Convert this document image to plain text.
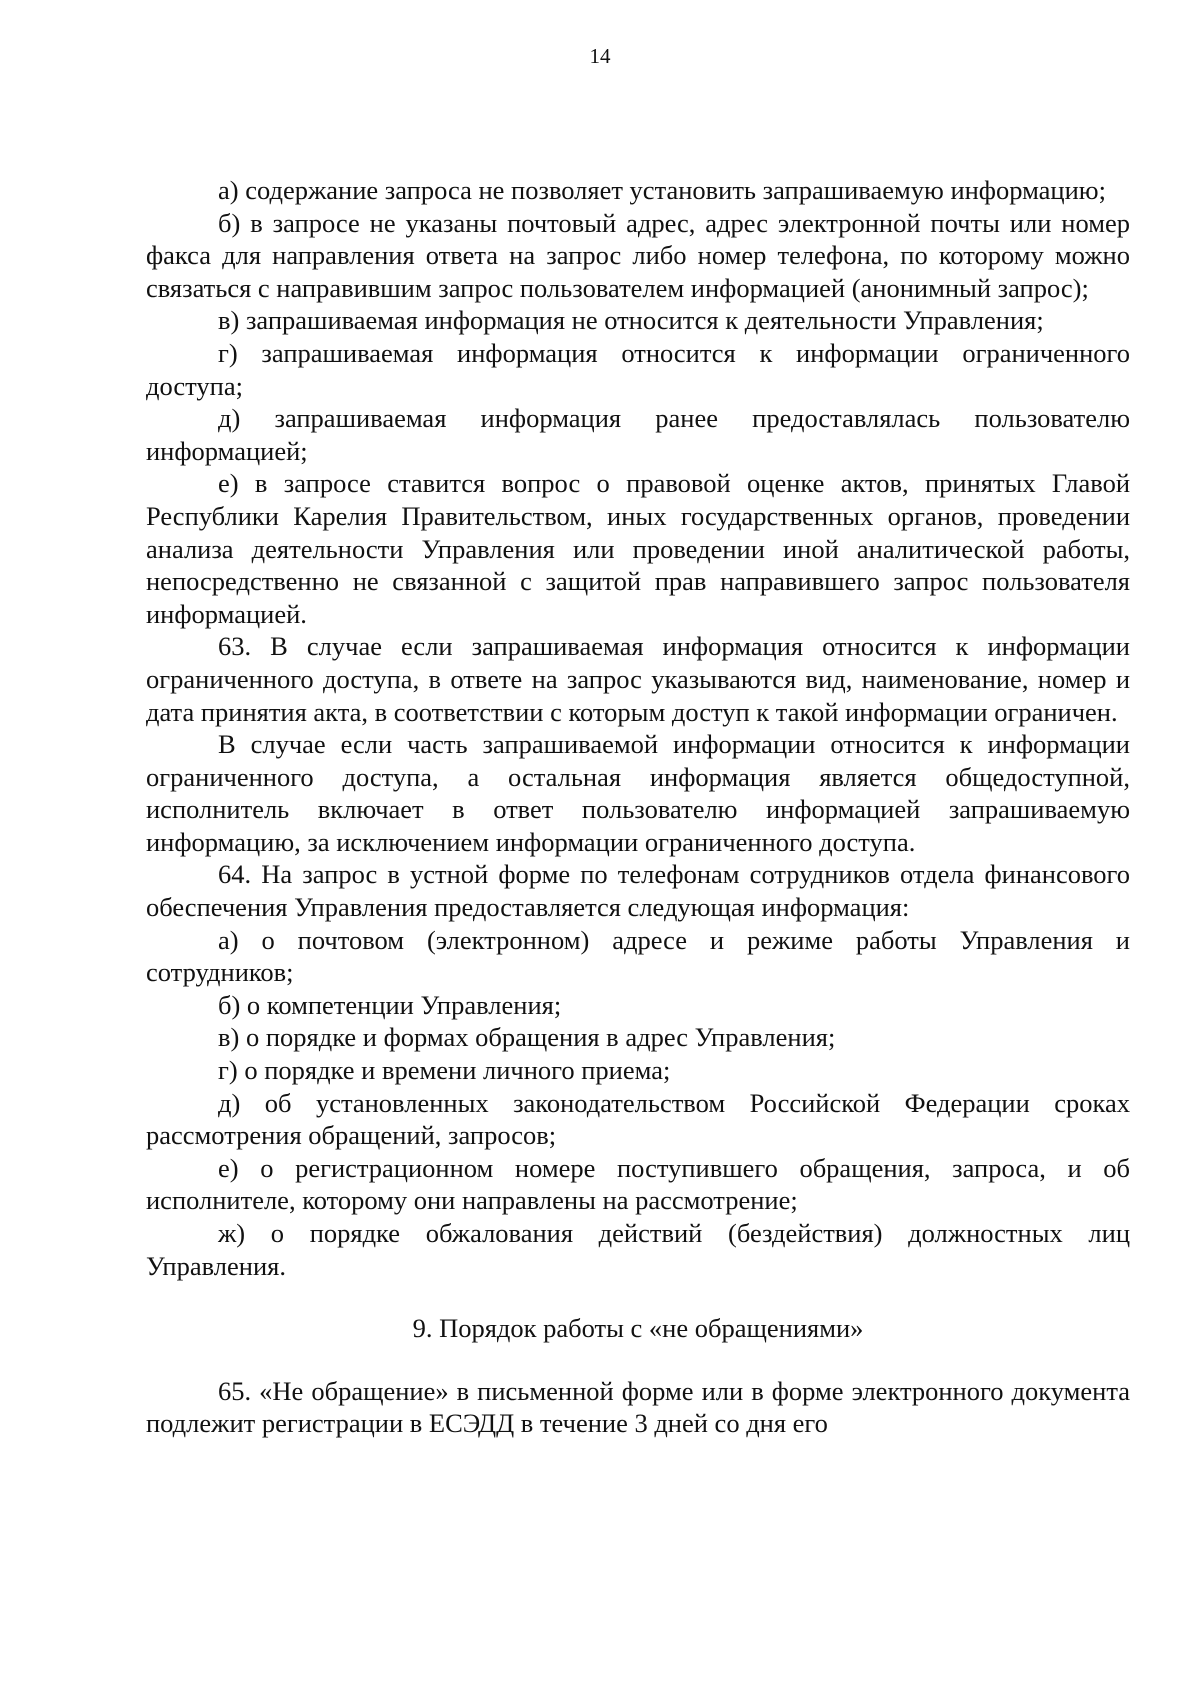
14

а) содержание запроса не позволяет установить запрашиваемую информацию;

б) в запросе не указаны почтовый адрес, адрес электронной почты или номер факса для направления ответа на запрос либо номер телефона, по которому можно связаться с направившим запрос пользователем информацией (анонимный запрос);

в) запрашиваемая информация не относится к деятельности Управления;

г) запрашиваемая информация относится к информации ограниченного доступа;

д) запрашиваемая информация ранее предоставлялась пользователю информацией;

е) в запросе ставится вопрос о правовой оценке актов, принятых Главой Республики Карелия Правительством, иных государственных органов, проведении анализа деятельности Управления или проведении иной аналитической работы, непосредственно не связанной с защитой прав направившего запрос пользователя информацией.

63. В случае если запрашиваемая информация относится к информации ограниченного доступа, в ответе на запрос указываются вид, наименование, номер и дата принятия акта, в соответствии с которым доступ к такой информации ограничен.

В случае если часть запрашиваемой информации относится к информации ограниченного доступа, а остальная информация является общедоступной, исполнитель включает в ответ пользователю информацией запрашиваемую информацию, за исключением информации ограниченного доступа.

64. На запрос в устной форме по телефонам сотрудников отдела финансового обеспечения Управления предоставляется следующая информация:

а) о почтовом (электронном) адресе и режиме работы Управления и сотрудников;

б) о компетенции Управления;

в) о порядке и формах обращения в адрес Управления;

г) о порядке и времени личного приема;

д) об установленных законодательством Российской Федерации сроках рассмотрения обращений, запросов;

е) о регистрационном номере поступившего обращения, запроса, и об исполнителе, которому они направлены на рассмотрение;

ж) о порядке обжалования действий (бездействия) должностных лиц Управления.

9. Порядок работы с «не обращениями»

65. «Не обращение» в письменной форме или в форме электронного документа подлежит регистрации в ЕСЭДД в течение 3 дней со дня его
